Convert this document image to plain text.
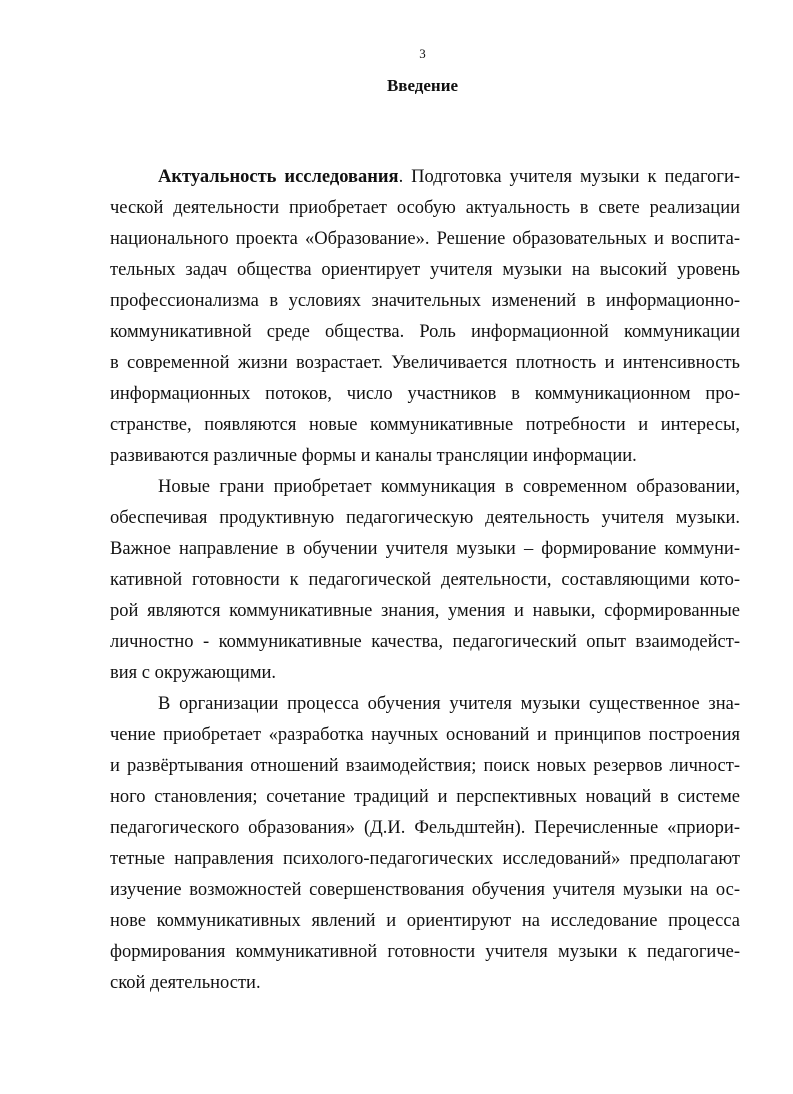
3
Введение
Актуальность исследования. Подготовка учителя музыки к педагоги-
ческой деятельности приобретает особую актуальность в свете реализации
национального проекта «Образование». Решение образовательных и воспита-
тельных задач общества ориентирует учителя музыки на высокий уровень
профессионализма в условиях значительных изменений в информационно-
коммуникативной среде общества. Роль информационной коммуникации
в современной жизни возрастает. Увеличивается плотность и интенсивность
информационных потоков, число участников в коммуникационном про-
странстве, появляются новые коммуникативные потребности и интересы,
развиваются различные формы и каналы трансляции информации.
Новые грани приобретает коммуникация в современном образовании,
обеспечивая продуктивную педагогическую деятельность учителя музыки.
Важное направление в обучении учителя музыки – формирование коммуни-
кативной готовности к педагогической деятельности, составляющими кото-
рой являются коммуникативные знания, умения и навыки, сформированные
личностно - коммуникативные качества, педагогический опыт взаимодейст-
вия с окружающими.
В организации процесса обучения учителя музыки существенное зна-
чение приобретает «разработка научных оснований и принципов построения
и развёртывания отношений взаимодействия; поиск новых резервов личност-
ного становления; сочетание традиций и перспективных новаций в системе
педагогического образования» (Д.И. Фельдштейн). Перечисленные «приори-
тетные направления психолого-педагогических исследований» предполагают
изучение возможностей совершенствования обучения учителя музыки на ос-
нове коммуникативных явлений и ориентируют на исследование процесса
формирования коммуникативной готовности учителя музыки к педагогиче-
ской деятельности.
